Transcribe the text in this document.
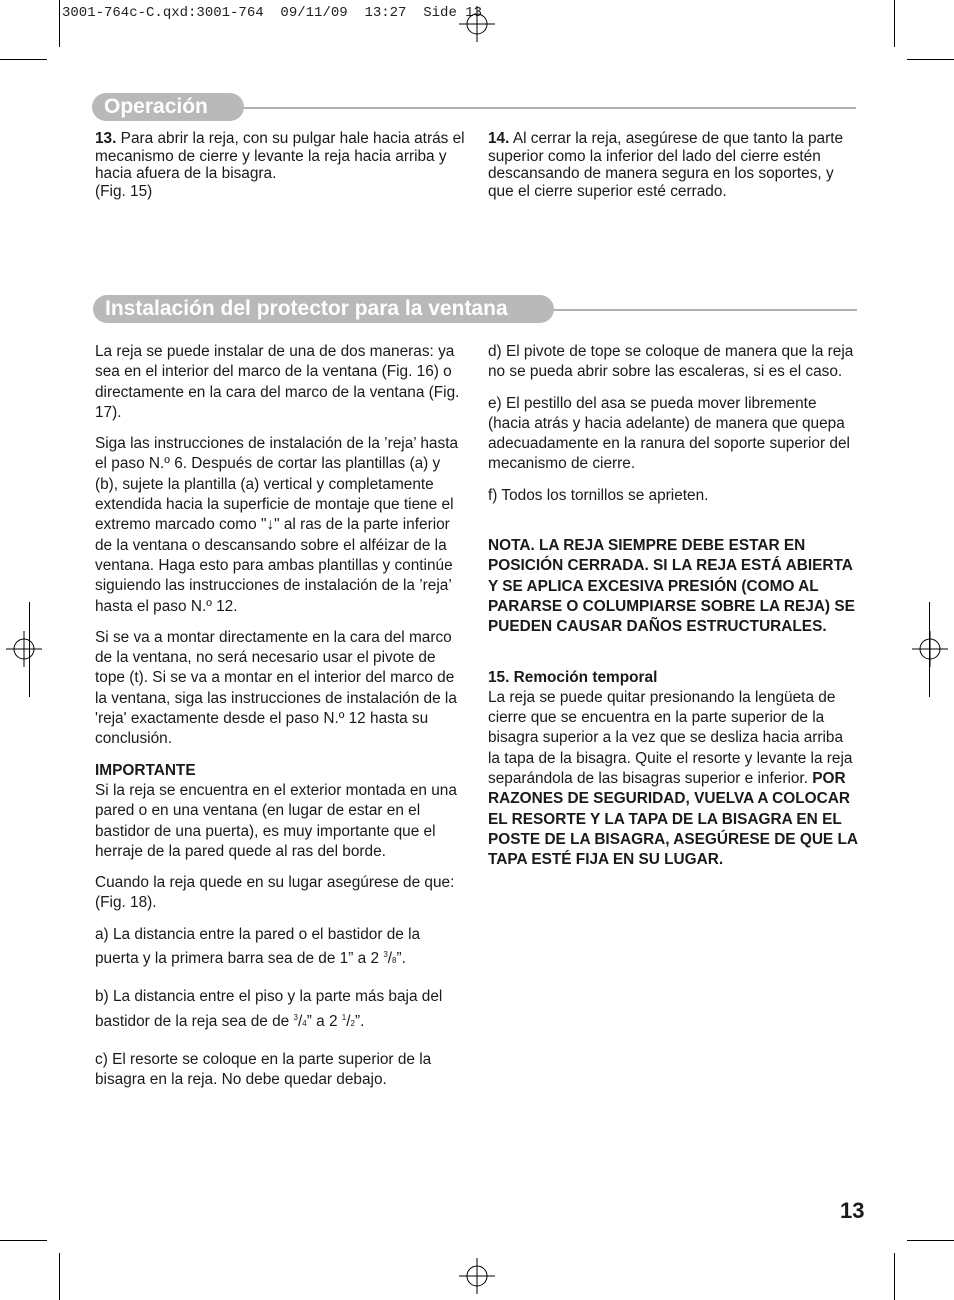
3001-764c-C.qxd:3001-764  09/11/09  13:27  Side 13
Operación
13. Para abrir la reja, con su pulgar hale hacia atrás el mecanismo de cierre y levante la reja hacia arriba y hacia afuera de la bisagra.
(Fig. 15)
14. Al cerrar la reja, asegúrese de que tanto la parte superior como la inferior del lado del cierre estén descansando de manera segura en los soportes, y que el cierre superior esté cerrado.
Instalación del protector para la ventana

La reja se puede instalar de una de dos maneras: ya sea en el interior del marco de la ventana (Fig. 16) o directamente en la cara del marco de la ventana (Fig. 17).

Siga las instrucciones de instalación de la ’reja’ hasta el paso N.º 6. Después de cortar las plantillas (a) y (b), sujete la plantilla (a) vertical y completamente extendida hacia la superficie de montaje que tiene el extremo marcado como "↓" al ras de la parte inferior de la ventana o descansando sobre el alféizar de la ventana. Haga esto para ambas plantillas y continúe siguiendo las instrucciones de instalación de la ’reja’ hasta el paso N.º 12.

Si se va a montar directamente en la cara del marco de la ventana, no será necesario usar el pivote de tope (t). Si se va a montar en el interior del marco de la ventana, siga las instrucciones de instalación de la 'reja' exactamente desde el paso N.º 12 hasta su conclusión.

IMPORTANTE
Si la reja se encuentra en el exterior montada en una pared o en una ventana (en lugar de estar en el bastidor de una puerta), es muy importante que el herraje de la pared quede al ras del borde.

Cuando la reja quede en su lugar asegúrese de que: (Fig. 18).

a) La distancia entre la pared o el bastidor de la puerta y la primera barra sea de de 1” a 2 $^3$/8”.

b) La distancia entre el piso y la parte más baja del bastidor de la reja sea de de $^3$/4” a 2 $^1$/2”.

c) El resorte se coloque en la parte superior de la bisagra en la reja. No debe quedar debajo.

d) El pivote de tope se coloque de manera que la reja no se pueda abrir sobre las escaleras, si es el caso.

e) El pestillo del asa se pueda mover libremente (hacia atrás y hacia adelante) de manera que quepa adecuadamente en la ranura del soporte superior del mecanismo de cierre.

f) Todos los tornillos se aprieten.

NOTA. LA REJA SIEMPRE DEBE ESTAR EN POSICIÓN CERRADA. SI LA REJA ESTÁ ABIERTA Y SE APLICA EXCESIVA PRESIÓN (COMO AL PARARSE O COLUMPIARSE SOBRE LA REJA) SE PUEDEN CAUSAR DAÑOS ESTRUCTURALES.

15. Remoción temporal
La reja se puede quitar presionando la lengüeta de cierre que se encuentra en la parte superior de la bisagra superior a la vez que se desliza hacia arriba la tapa de la bisagra. Quite el resorte y levante la reja separándola de las bisagras superior e inferior. POR RAZONES DE SEGURIDAD, VUELVA A COLOCAR EL RESORTE Y LA TAPA DE LA BISAGRA EN EL POSTE DE LA BISAGRA, ASEGÚRESE DE QUE LA TAPA ESTÉ FIJA EN SU LUGAR.

13
